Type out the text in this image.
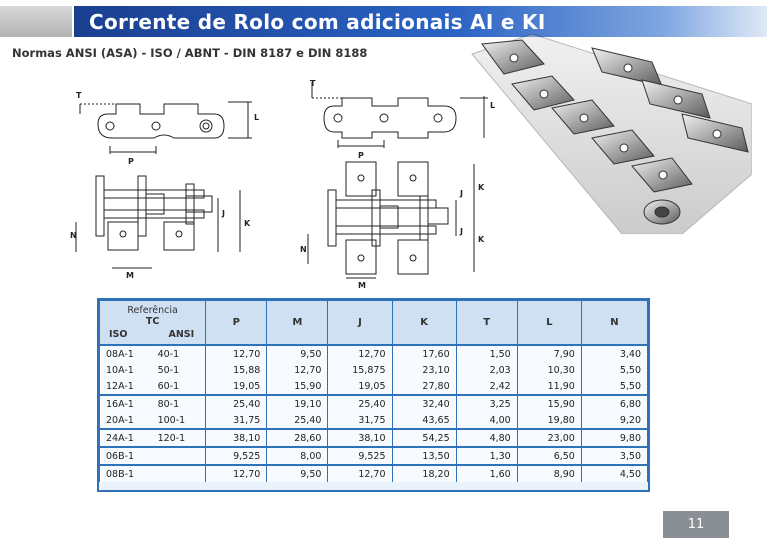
Corrente de Rolo com adicionais AI e KI
Normas ANSI (ASA) - ISO / ABNT - DIN 8187 e DIN 8188
T
L
P
N
M
J
K
T
L
P
N
M
J
K
J
K
Referência
TC
ISO ANSI		P	M	J	K	T	L	N
08A-1	40-1	12,70	9,50	12,70	17,60	1,50	7,90	3,40
10A-1	50-1	15,88	12,70	15,875	23,10	2,03	10,30	5,50
12A-1	60-1	19,05	15,90	19,05	27,80	2,42	11,90	5,50
16A-1	80-1	25,40	19,10	25,40	32,40	3,25	15,90	6,80
20A-1	100-1	31,75	25,40	31,75	43,65	4,00	19,80	9,20
24A-1	120-1	38,10	28,60	38,10	54,25	4,80	23,00	9,80
06B-1		9,525	8,00	9,525	13,50	1,30	6,50	3,50
08B-1		12,70	9,50	12,70	18,20	1,60	8,90	4,50
11
